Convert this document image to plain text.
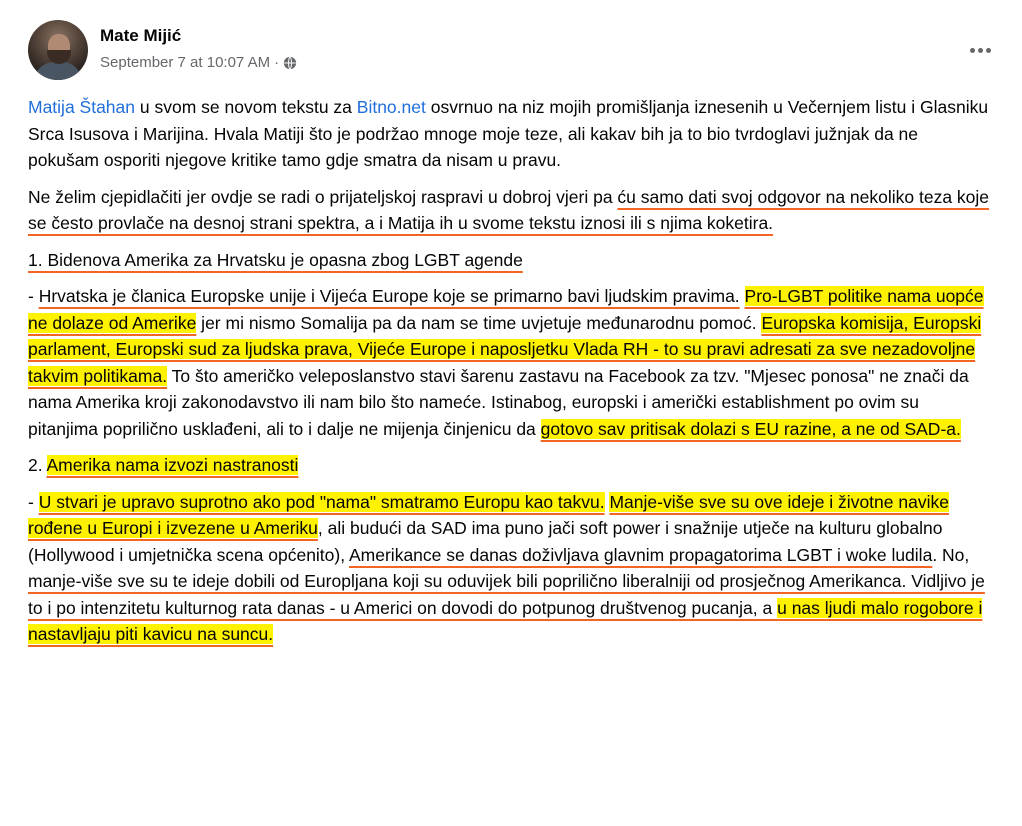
Mate Mijić
September 7 at 10:07 AM ·

Matija Štahan u svom se novom tekstu za Bitno.net osvrnuo na niz mojih promišljanja iznesenih u Večernjem listu i Glasniku Srca Isusova i Marijina. Hvala Matiji što je podržao mnoge moje teze, ali kakav bih ja to bio tvrdoglavi južnjak da ne pokušam osporiti njegove kritike tamo gdje smatra da nisam u pravu.

Ne želim cjepidlačiti jer ovdje se radi o prijateljskoj raspravi u dobroj vjeri pa ću samo dati svoj odgovor na nekoliko teza koje se često provlače na desnoj strani spektra, a i Matija ih u svome tekstu iznosi ili s njima koketira.

1. Bidenova Amerika za Hrvatsku je opasna zbog LGBT agende

- Hrvatska je članica Europske unije i Vijeća Europe koje se primarno bavi ljudskim pravima. Pro-LGBT politike nama uopće ne dolaze od Amerike jer mi nismo Somalija pa da nam se time uvjetuje međunarodnu pomoć. Europska komisija, Europski parlament, Europski sud za ljudska prava, Vijeće Europe i naposljetku Vlada RH - to su pravi adresati za sve nezadovoljne takvim politikama. To što američko veleposlanstvo stavi šarenu zastavu na Facebook za tzv. "Mjesec ponosa" ne znači da nama Amerika kroji zakonodavstvo ili nam bilo što nameće. Istinabog, europski i američki establishment po ovim su pitanjima poprilično usklađeni, ali to i dalje ne mijenja činjenicu da gotovo sav pritisak dolazi s EU razine, a ne od SAD-a.

2. Amerika nama izvozi nastranosti

- U stvari je upravo suprotno ako pod "nama" smatramo Europu kao takvu. Manje-više sve su ove ideje i životne navike rođene u Europi i izvezene u Ameriku, ali budući da SAD ima puno jači soft power i snažnije utječe na kulturu globalno (Hollywood i umjetnička scena općenito), Amerikance se danas doživljava glavnim propagatorima LGBT i woke ludila. No, manje-više sve su te ideje dobili od Europljana koji su oduvijek bili poprilično liberalniji od prosječnog Amerikanca. Vidljivo je to i po intenzitetu kulturnog rata danas - u Americi on dovodi do potpunog društvenog pucanja, a u nas ljudi malo rogobore i nastavljaju piti kavicu na suncu.
